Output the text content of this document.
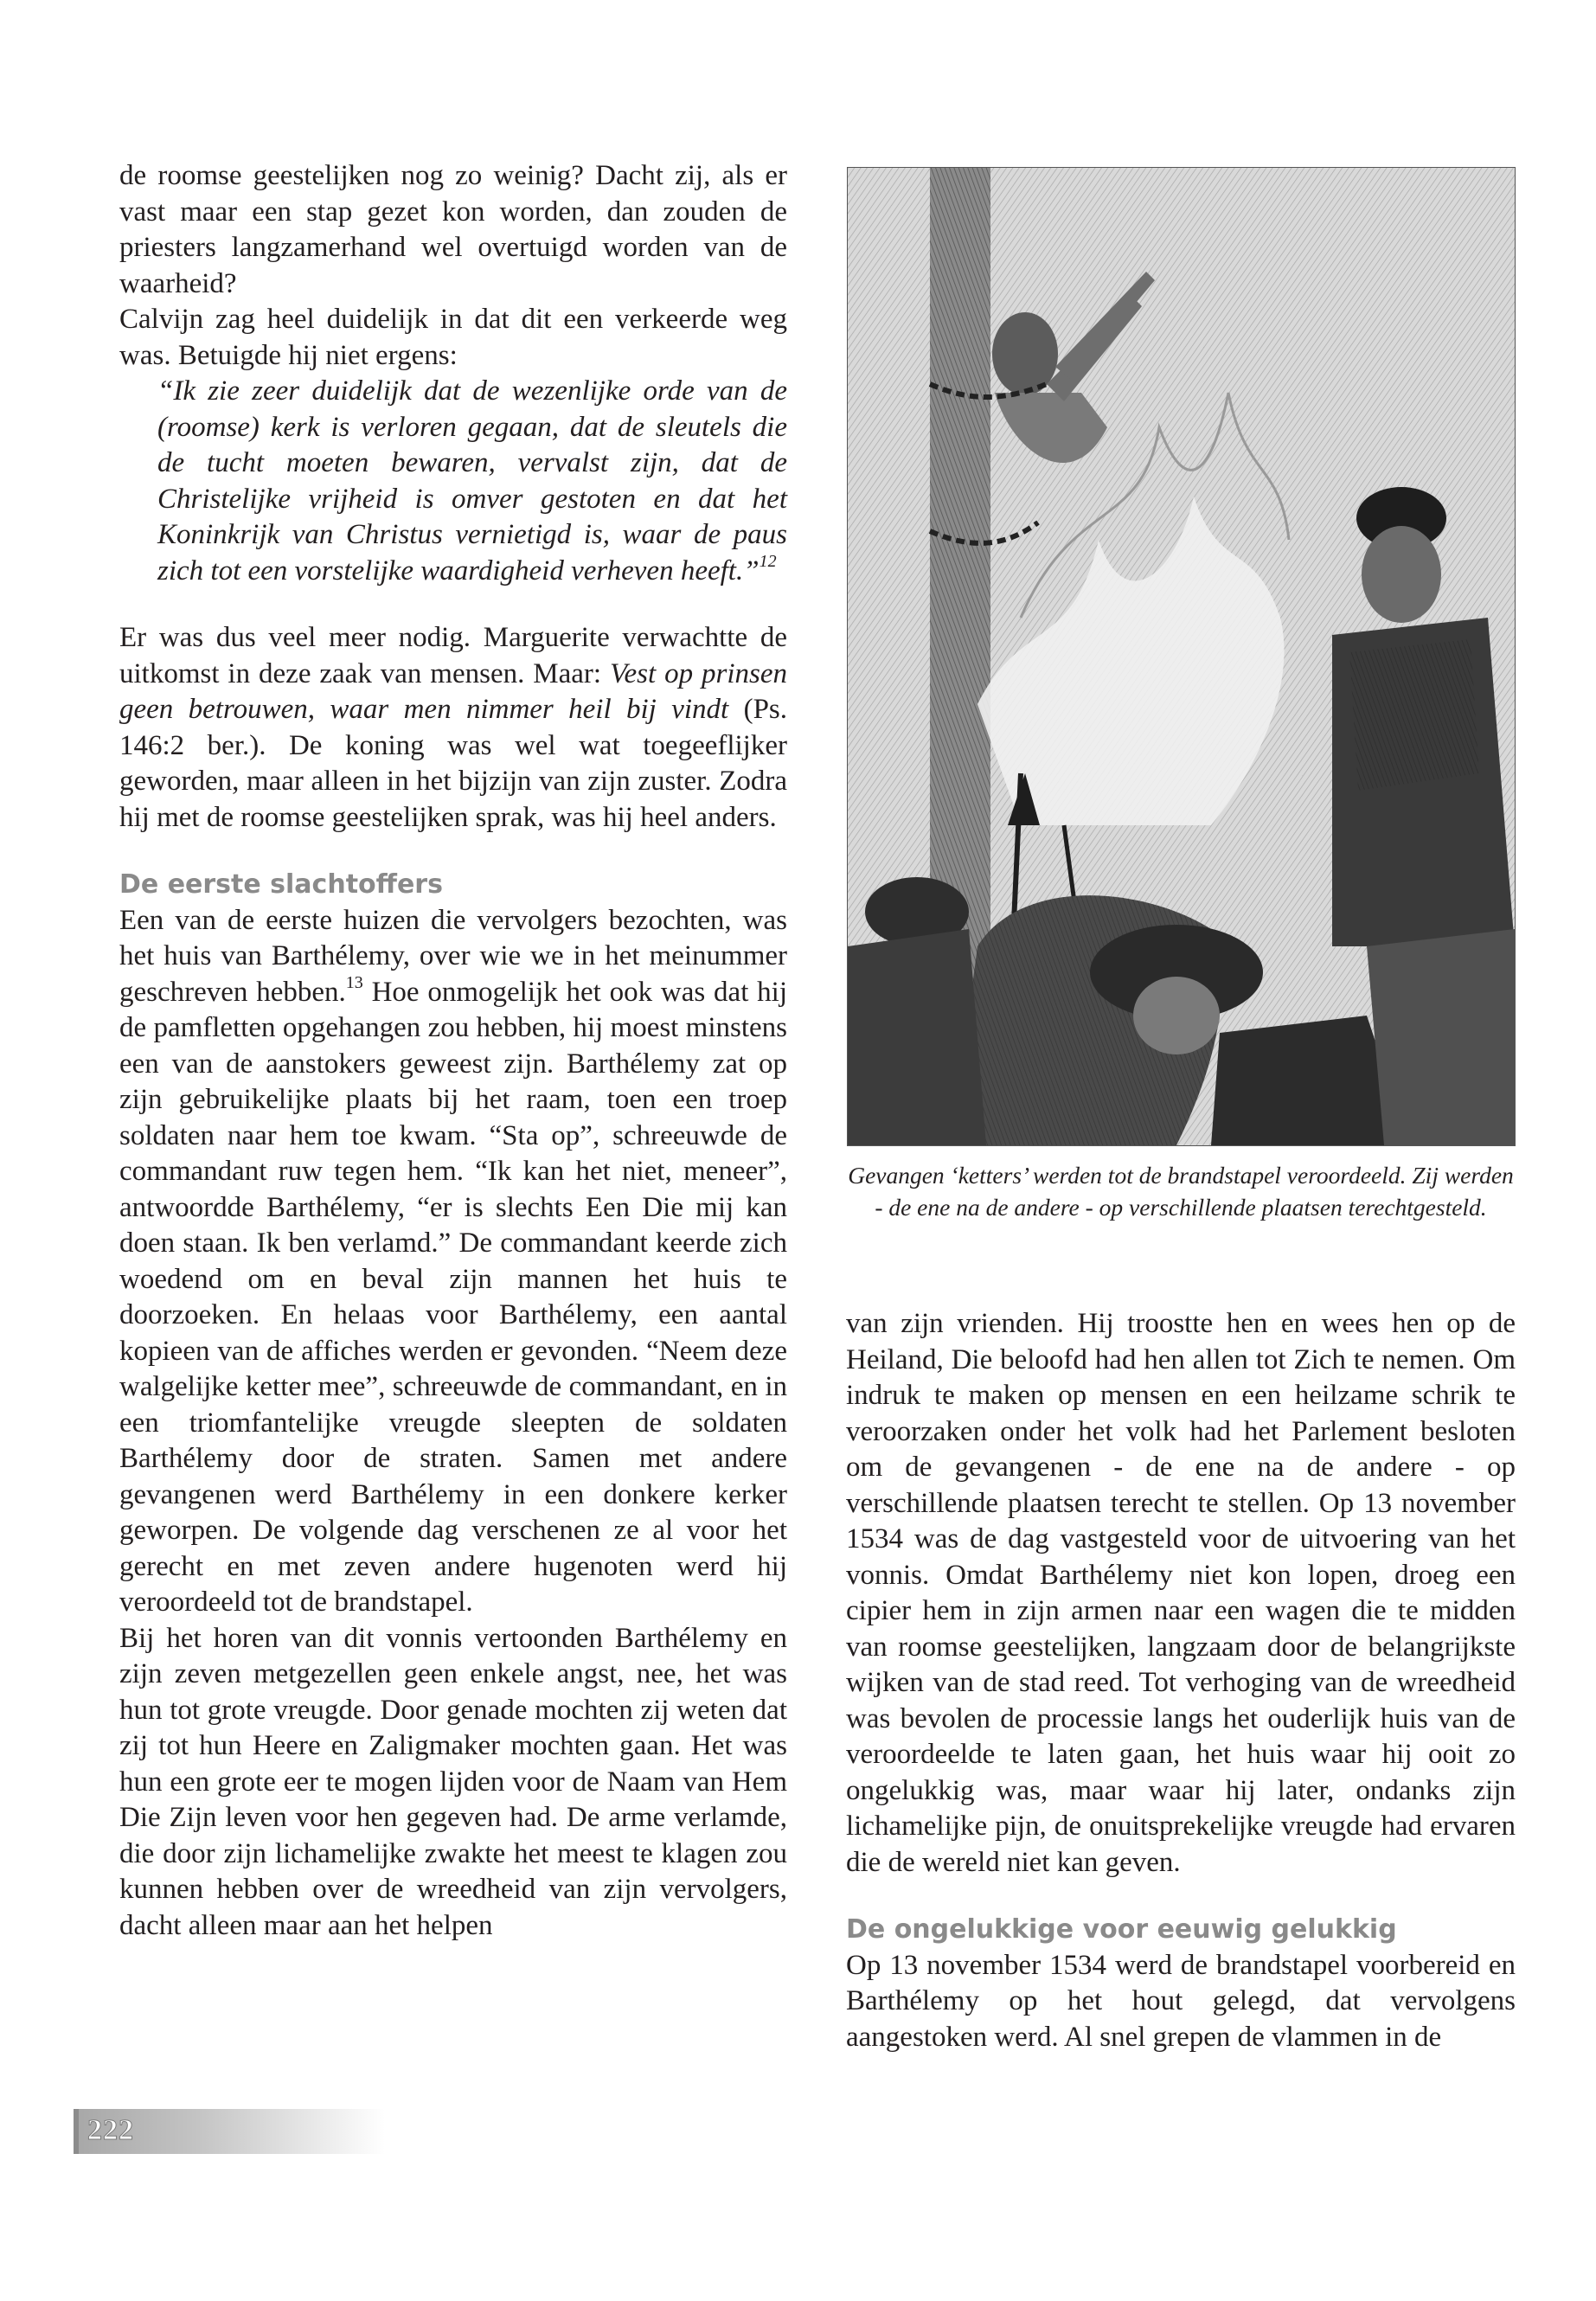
de roomse geestelijken nog zo weinig? Dacht zij, als er vast maar een stap gezet kon worden, dan zouden de priesters langzamerhand wel overtuigd worden van de waarheid?

Calvijn zag heel duidelijk in dat dit een verkeerde weg was. Betuigde hij niet ergens:

“Ik zie zeer duidelijk dat de wezenlijke orde van de (roomse) kerk is verloren gegaan, dat de sleutels die de tucht moeten bewaren, vervalst zijn, dat de Christelijke vrijheid is omver gestoten en dat het Koninkrijk van Christus vernietigd is, waar de paus zich tot een vorstelijke waardigheid verheven heeft.”$^{12}$

Er was dus veel meer nodig. Marguerite verwachtte de uitkomst in deze zaak van mensen. Maar: Vest op prinsen geen betrouwen, waar men nimmer heil bij vindt (Ps. 146:2 ber.). De koning was wel wat toegeeflijker geworden, maar alleen in het bijzijn van zijn zuster. Zodra hij met de roomse geestelijken sprak, was hij heel anders.

De eerste slachtoffers

Een van de eerste huizen die vervolgers bezochten, was het huis van Barthélemy, over wie we in het meinummer geschreven hebben.$^{13}$ Hoe onmogelijk het ook was dat hij de pamfletten opgehangen zou hebben, hij moest minstens een van de aanstokers geweest zijn. Barthélemy zat op zijn gebruikelijke plaats bij het raam, toen een troep soldaten naar hem toe kwam. “Sta op”, schreeuwde de commandant ruw tegen hem. “Ik kan het niet, meneer”, antwoordde Barthélemy, “er is slechts Een Die mij kan doen staan. Ik ben verlamd.” De commandant keerde zich woedend om en beval zijn mannen het huis te doorzoeken. En helaas voor Barthélemy, een aantal kopieen van de affiches werden er gevonden. “Neem deze walgelijke ketter mee”, schreeuwde de commandant, en in een triomfantelijke vreugde sleepten de soldaten Barthélemy door de straten. Samen met andere gevangenen werd Barthélemy in een donkere kerker geworpen. De volgende dag verschenen ze al voor het gerecht en met zeven andere hugenoten werd hij veroordeeld tot de brandstapel.

Bij het horen van dit vonnis vertoonden Barthélemy en zijn zeven metgezellen geen enkele angst, nee, het was hun tot grote vreugde. Door genade mochten zij weten dat zij tot hun Heere en Zaligmaker mochten gaan. Het was hun een grote eer te mogen lijden voor de Naam van Hem Die Zijn leven voor hen gegeven had. De arme verlamde, die door zijn lichamelijke zwakte het meest te klagen zou kunnen hebben over de wreedheid van zijn vervolgers, dacht alleen maar aan het helpen

Gevangen ‘ketters’ werden tot de brandstapel veroordeeld. Zij werden - de ene na de andere - op verschillende plaatsen terechtgesteld.

van zijn vrienden. Hij troostte hen en wees hen op de Heiland, Die beloofd had hen allen tot Zich te nemen. Om indruk te maken op mensen en een heilzame schrik te veroorzaken onder het volk had het Parlement besloten om de gevangenen - de ene na de andere - op verschillende plaatsen terecht te stellen. Op 13 november 1534 was de dag vastgesteld voor de uitvoering van het vonnis. Omdat Barthélemy niet kon lopen, droeg een cipier hem in zijn armen naar een wagen die te midden van roomse geestelijken, langzaam door de belangrijkste wijken van de stad reed. Tot verhoging van de wreedheid was bevolen de processie langs het ouderlijk huis van de veroordeelde te laten gaan, het huis waar hij ooit zo ongelukkig was, maar waar hij later, ondanks zijn lichamelijke pijn, de onuitsprekelijke vreugde had ervaren die de wereld niet kan geven.

De ongelukkige voor eeuwig gelukkig

Op 13 november 1534 werd de brandstapel voorbereid en Barthélemy op het hout gelegd, dat vervolgens aangestoken werd. Al snel grepen de vlammen in de

222
